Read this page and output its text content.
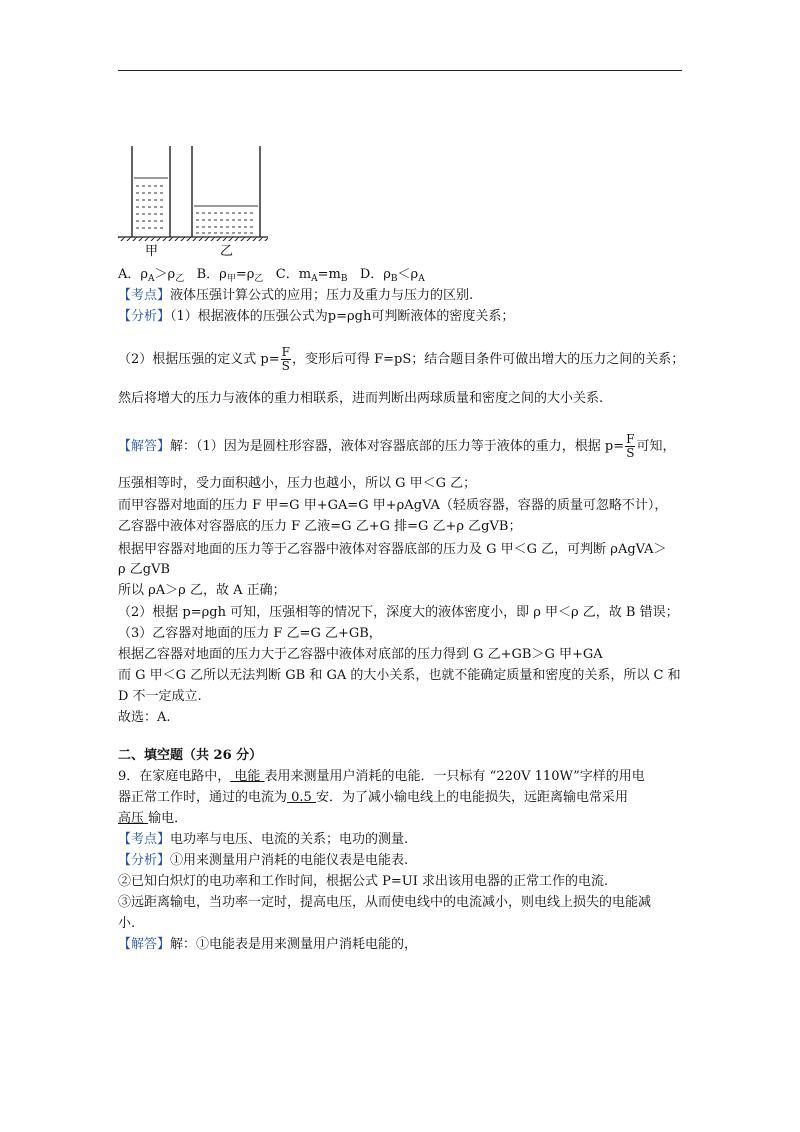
甲	乙
A．$\rho_A>\rho_乙$ B．$\rho_甲=\rho_乙$ C．$m_A=m_B$ D．$\rho_B<\rho_A$
【考点】液体压强计算公式的应用；压力及重力与压力的区别.
【分析】（1）根据液体的压强公式为p=ρgh可判断液体的密度关系；
（2）根据压强的定义式 $p= \frac{F}{S}$ ，变形后可得 F=pS；结合题目条件可做出增大的压力之间的关系；
然后将增大的压力与液体的重力相联系，进而判断出两球质量和密度之间的大小关系.
【解答】解：（1）因为是圆柱形容器，液体对容器底部的压力等于液体的重力，根据 $p= \frac{F}{S}$ 可知，
压强相等时，受力面积越小，压力也越小，所以 G 甲＜G 乙；
而甲容器对地面的压力 F 甲=G 甲+GA=G 甲+ρAgVA（轻质容器，容器的质量可忽略不计），
乙容器中液体对容器底的压力 F 乙液=G 乙+G 排=G 乙+ρ 乙gVB；
根据甲容器对地面的压力等于乙容器中液体对容器底部的压力及 G 甲＜G 乙，可判断 ρAgVA＞
ρ 乙gVB
所以 ρA＞ρ 乙，故 A 正确；
（2）根据 p=ρgh 可知，压强相等的情况下，深度大的液体密度小，即 ρ 甲＜ρ 乙，故 B 错误；
（3）乙容器对地面的压力 F 乙=G 乙+GB，
根据乙容器对地面的压力大于乙容器中液体对底部的压力得到 G 乙+GB＞G 甲+GA
而 G 甲＜G 乙所以无法判断 GB 和 GA 的大小关系，也就不能确定质量和密度的关系，所以 C 和
D 不一定成立.
故选：A.
二、填空题（共 26 分）
9．在家庭电路中， 电能 表用来测量用户消耗的电能．一只标有 “220V 110W”字样的用电
器正常工作时，通过的电流为 0.5 安．为了减小输电线上的电能损失，远距离输电常采用
高压 输电．
【考点】电功率与电压、电流的关系；电功的测量.
【分析】①用来测量用户消耗的电能仪表是电能表.
②已知白炽灯的电功率和工作时间，根据公式 P=UI 求出该用电器的正常工作的电流.
③远距离输电，当功率一定时，提高电压，从而使电线中的电流减小，则电线上损失的电能减
小.
【解答】解：①电能表是用来测量用户消耗电能的，
